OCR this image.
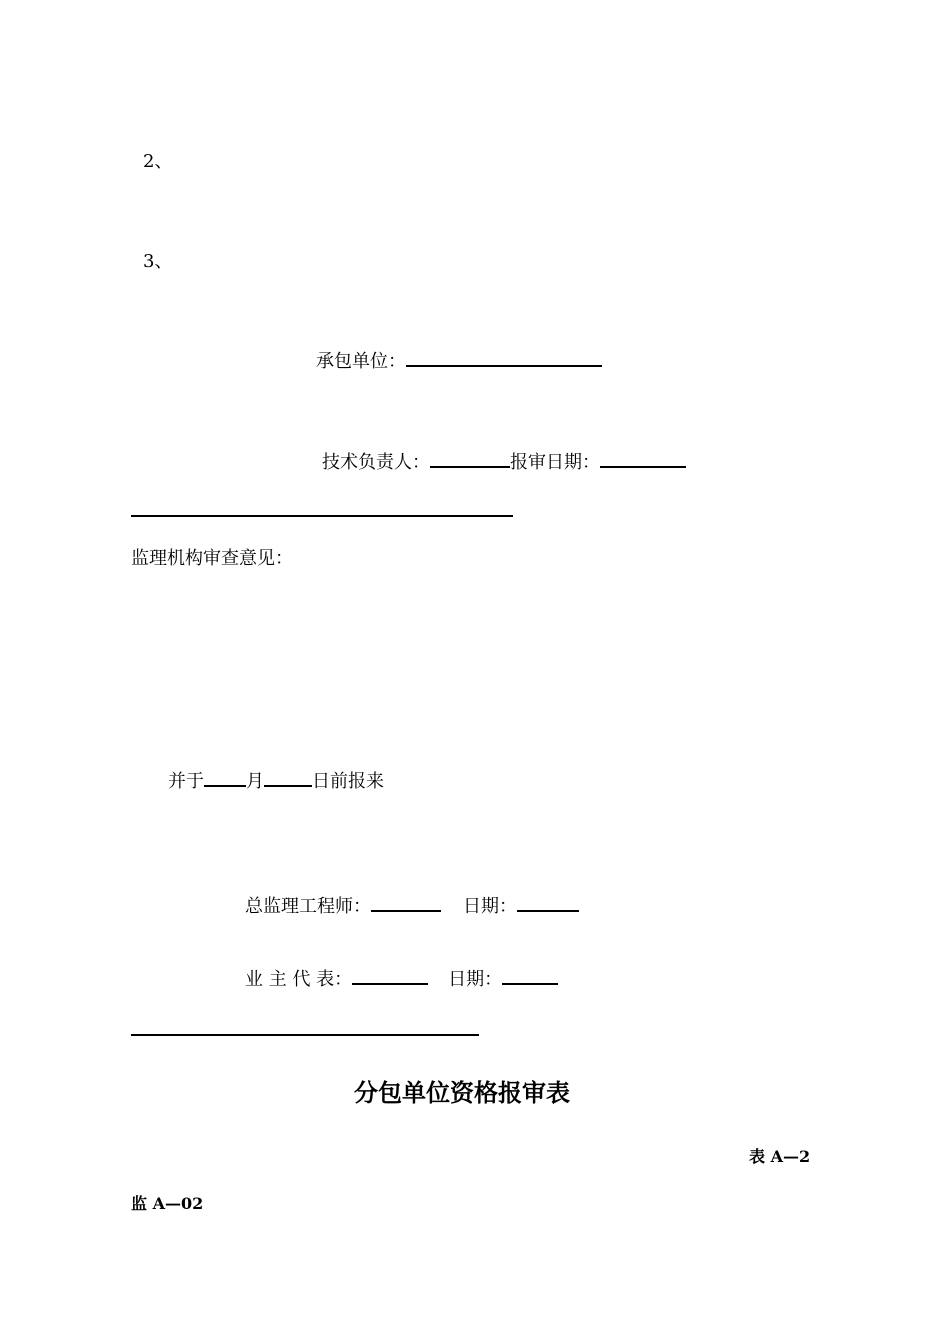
2、
3、
承包单位：
技术负责人：	报审日期：
监理机构审查意见：
并于 月	日前报来
总监理工程师：	日期：
业 主 代 表：	日期：
分包单位资格报审表
表 A—2
监 A—02
